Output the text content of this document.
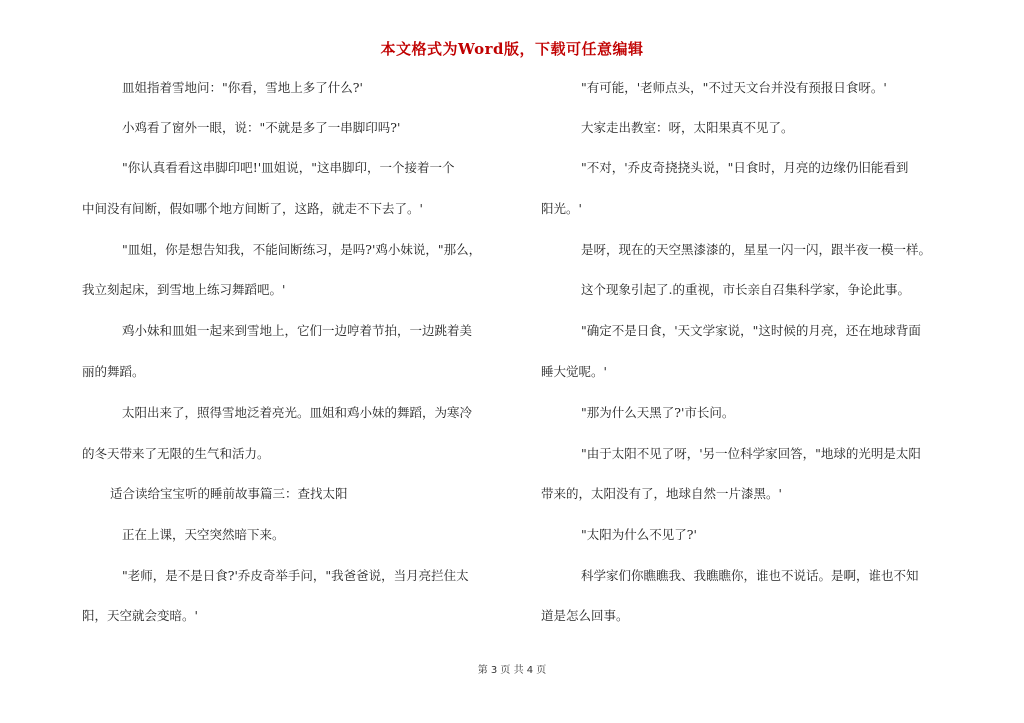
本文格式为Word版，下载可任意编辑
皿姐指着雪地问："你看，雪地上多了什么?'
小鸡看了窗外一眼，说："不就是多了一串脚印吗?'
"你认真看看这串脚印吧!'皿姐说，"这串脚印，一个接着一个
中间没有间断，假如哪个地方间断了，这路，就走不下去了。'
"皿姐，你是想告知我，不能间断练习，是吗?'鸡小妹说，"那么，
我立刻起床，到雪地上练习舞蹈吧。'
鸡小妹和皿姐一起来到雪地上，它们一边哼着节拍，一边跳着美
丽的舞蹈。
太阳出来了，照得雪地泛着亮光。皿姐和鸡小妹的舞蹈，为寒冷
的冬天带来了无限的生气和活力。
适合读给宝宝听的睡前故事篇三：查找太阳
正在上课，天空突然暗下来。
"老师，是不是日食?'乔皮奇举手问，"我爸爸说，当月亮拦住太
阳，天空就会变暗。'
"有可能，'老师点头，"不过天文台并没有预报日食呀。'
大家走出教室：呀，太阳果真不见了。
"不对，'乔皮奇挠挠头说，"日食时，月亮的边缘仍旧能看到
阳光。'
是呀，现在的天空黑漆漆的，星星一闪一闪，跟半夜一模一样。
这个现象引起了.的重视，市长亲自召集科学家，争论此事。
"确定不是日食，'天文学家说，"这时候的月亮，还在地球背面
睡大觉呢。'
"那为什么天黑了?'市长问。
"由于太阳不见了呀，'另一位科学家回答，"地球的光明是太阳
带来的，太阳没有了，地球自然一片漆黑。'
"太阳为什么不见了?'
科学家们你瞧瞧我、我瞧瞧你，谁也不说话。是啊，谁也不知
道是怎么回事。
第 3 页 共 4 页
